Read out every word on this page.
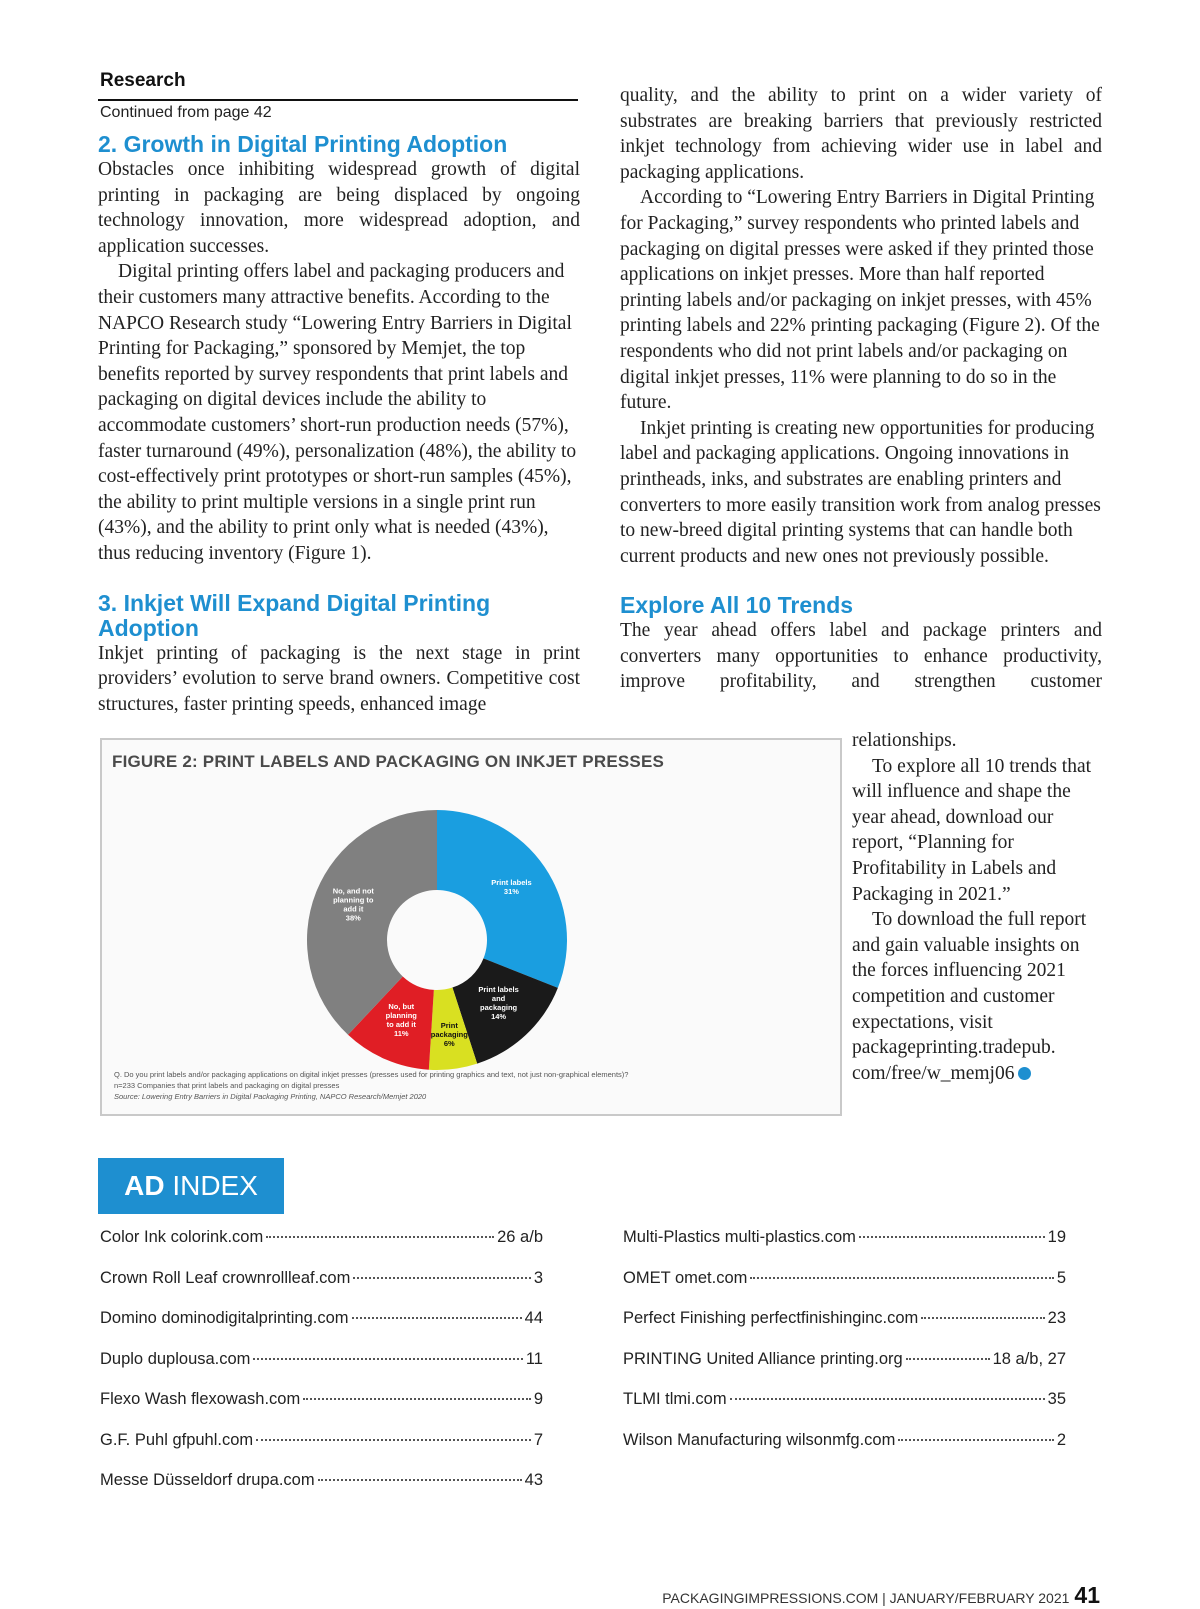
Research
Continued from page 42
2. Growth in Digital Printing Adoption

Obstacles once inhibiting widespread growth of digital printing in packaging are being displaced by ongoing technology innovation, more widespread adoption, and application successes.

Digital printing offers label and packaging producers and their customers many attractive benefits. According to the NAPCO Research study “Lowering Entry Barriers in Digital Printing for Packaging,” sponsored by Memjet, the top benefits reported by survey respondents that print labels and packaging on digital devices include the ability to accommodate customers’ short-run production needs (57%), faster turnaround (49%), personalization (48%), the ability to cost-effectively print prototypes or short-run samples (45%), the ability to print multiple versions in a single print run (43%), and the ability to print only what is needed (43%), thus reducing inventory (Figure 1).

3. Inkjet Will Expand Digital Printing Adoption

Inkjet printing of packaging is the next stage in print providers’ evolution to serve brand owners. Competitive cost structures, faster printing speeds, enhanced image

quality, and the ability to print on a wider variety of substrates are breaking barriers that previously restricted inkjet technology from achieving wider use in label and packaging applications.

According to “Lowering Entry Barriers in Digital Printing for Packaging,” survey respondents who printed labels and packaging on digital presses were asked if they printed those applications on inkjet presses. More than half reported printing labels and/or packaging on inkjet presses, with 45% printing labels and 22% printing packaging (Figure 2). Of the respondents who did not print labels and/or packaging on digital inkjet presses, 11% were planning to do so in the future.

Inkjet printing is creating new opportunities for producing label and packaging applications. Ongoing innovations in printheads, inks, and substrates are enabling printers and converters to more easily transition work from analog presses to new-breed digital printing systems that can handle both current products and new ones not previously possible.

Explore All 10 Trends

The year ahead offers label and package printers and converters many opportunities to enhance productivity, improve profitability, and strengthen customer

relationships.

To explore all 10 trends that will influence and shape the year ahead, download our report, “Planning for Profitability in Labels and Packaging in 2021.”

To download the full report and gain valuable insights on the forces influencing 2021 competition and customer expectations, visit packageprinting.tradepub. com/free/w_memj06

FIGURE 2: PRINT LABELS AND PACKAGING ON INKJET PRESSES
Print labels 31%
Print labels and packaging 14%
Print packaging 6%
No, but planning to add it 11%
No, and not planning to add it 38%
Q. Do you print labels and/or packaging applications on digital inkjet presses (presses used for printing graphics and text, not just non-graphical elements)?
n=233 Companies that print labels and packaging on digital presses
Source: Lowering Entry Barriers in Digital Packaging Printing, NAPCO Research/Memjet 2020
AD INDEX
Color Ink colorink.com	26 a/b
Crown Roll Leaf crownrollleaf.com	3
Domino dominodigitalprinting.com	44
Duplo duplousa.com	11
Flexo Wash flexowash.com	9
G.F. Puhl gfpuhl.com	7
Messe Düsseldorf drupa.com	43
Multi-Plastics multi-plastics.com	19
OMET omet.com	5
Perfect Finishing perfectfinishinginc.com	23
PRINTING United Alliance printing.org	18 a/b, 27
TLMI tlmi.com	35
Wilson Manufacturing wilsonmfg.com	2
PACKAGINGIMPRESSIONS.COM | JANUARY/FEBRUARY 2021 41
